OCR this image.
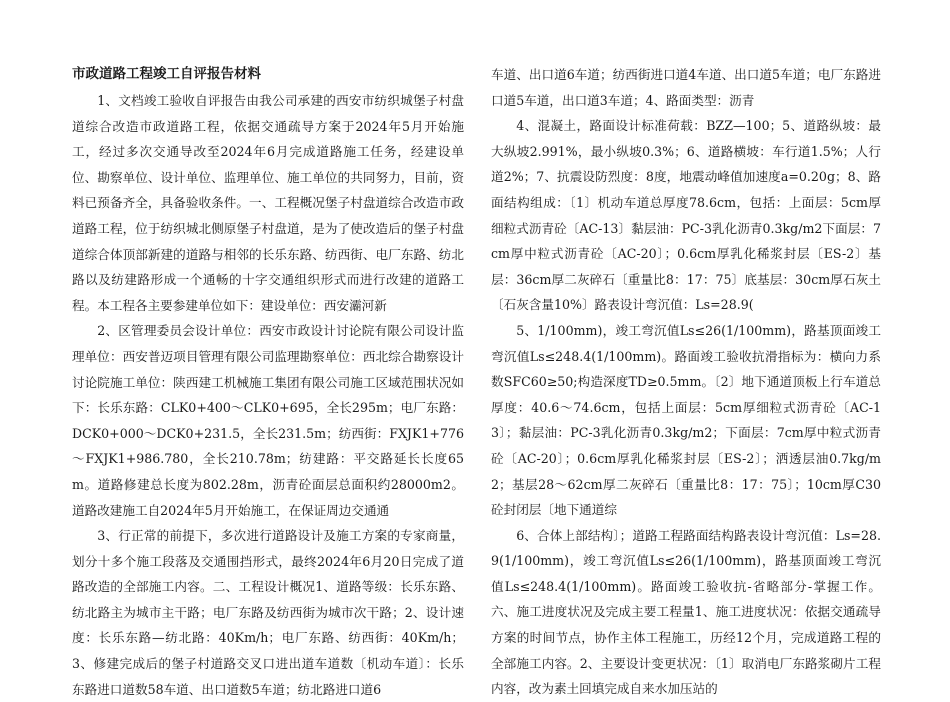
市政道路工程竣工自评报告材料

1、文档竣工验收自评报告由我公司承建的西安市纺织城堡子村盘道综合改造市政道路工程，依据交通疏导方案于2024年5月开始施工，经过多次交通导改至2024年6月完成道路施工任务，经建设单位、勘察单位、设计单位、监理单位、施工单位的共同努力，目前，资料已预备齐全，具备验收条件。一、工程概况堡子村盘道综合改造市政道路工程，位于纺织城北侧原堡子村盘道，是为了使改造后的堡子村盘道综合体顶部新建的道路与相邻的长乐东路、纺西街、电厂东路、纺北路以及纺建路形成一个通畅的十字交通组织形式而进行改建的道路工程。本工程各主要参建单位如下：建设单位：西安灞河新

2、区管理委员会设计单位：西安市政设计讨论院有限公司设计监理单位：西安普迈项目管理有限公司监理勘察单位：西北综合勘察设计讨论院施工单位：陕西建工机械施工集团有限公司施工区域范围状况如下：长乐东路：CLK0+400～CLK0+695，全长295m；电厂东路：DCK0+000～DCK0+231.5，全长231.5m；纺西街：FXJK1+776～FXJK1+986.780，全长210.78m；纺建路：平交路延长长度65m。道路修建总长度为802.28m，沥青砼面层总面积约28000m2。道路改建施工自2024年5月开始施工，在保证周边交通通

3、行正常的前提下，多次进行道路设计及施工方案的专家商量，划分十多个施工段落及交通围挡形式，最终2024年6月20日完成了道路改造的全部施工内容。二、工程设计概况1、道路等级：长乐东路、纺北路主为城市主干路；电厂东路及纺西街为城市次干路；2、设计速度：长乐东路—纺北路：40Km/h；电厂东路、纺西街：40Km/h；3、修建完成后的堡子村道路交叉口进出道车道数〔机动车道〕：长乐东路进口道数58车道、出口道数5车道；纺北路进口道6

车道、出口道6车道；纺西街进口道4车道、出口道5车道；电厂东路进口道5车道，出口道3车道；4、路面类型：沥青

4、混凝土，路面设计标准荷载：BZZ—100；5、道路纵坡：最大纵坡2.991%，最小纵坡0.3%；6、道路横坡：车行道1.5%；人行道2%；7、抗震设防烈度：8度，地震动峰值加速度a=0.20g；8、路面结构组成：〔1〕机动车道总厚度78.6cm，包括：上面层：5cm厚细粒式沥青砼〔AC-13〕黏层油：PC-3乳化沥青0.3kg/m2下面层：7cm厚中粒式沥青砼〔AC-20〕；0.6cm厚乳化稀浆封层〔ES-2〕基层：36cm厚二灰碎石〔重量比8：17：75〕底基层：30cm厚石灰土〔石灰含量10%〕路表设计弯沉值：Ls=28.9(

5、1/100mm)，竣工弯沉值Ls≤26(1/100mm)，路基顶面竣工弯沉值Ls≤248.4(1/100mm)。路面竣工验收抗滑指标为：横向力系数SFC60≥50;构造深度TD≥0.5mm。〔2〕地下通道顶板上行车道总厚度：40.6～74.6cm，包括上面层：5cm厚细粒式沥青砼〔AC-13〕；黏层油：PC-3乳化沥青0.3kg/m2；下面层：7cm厚中粒式沥青砼〔AC-20〕；0.6cm厚乳化稀浆封层〔ES-2〕；洒透层油0.7kg/m2；基层28～62cm厚二灰碎石〔重量比8：17：75〕；10cm厚C30砼封闭层〔地下通道综

6、合体上部结构〕；道路工程路面结构路表设计弯沉值：Ls=28.9(1/100mm)，竣工弯沉值Ls≤26(1/100mm)，路基顶面竣工弯沉值Ls≤248.4(1/100mm)。路面竣工验收抗-省略部分-掌握工作。六、施工进度状况及完成主要工程量1、施工进度状况：依据交通疏导方案的时间节点，协作主体工程施工，历经12个月，完成道路工程的全部施工内容。2、主要设计变更状况：〔1〕取消电厂东路浆砌片工程内容，改为素土回填完成自来水加压站的
